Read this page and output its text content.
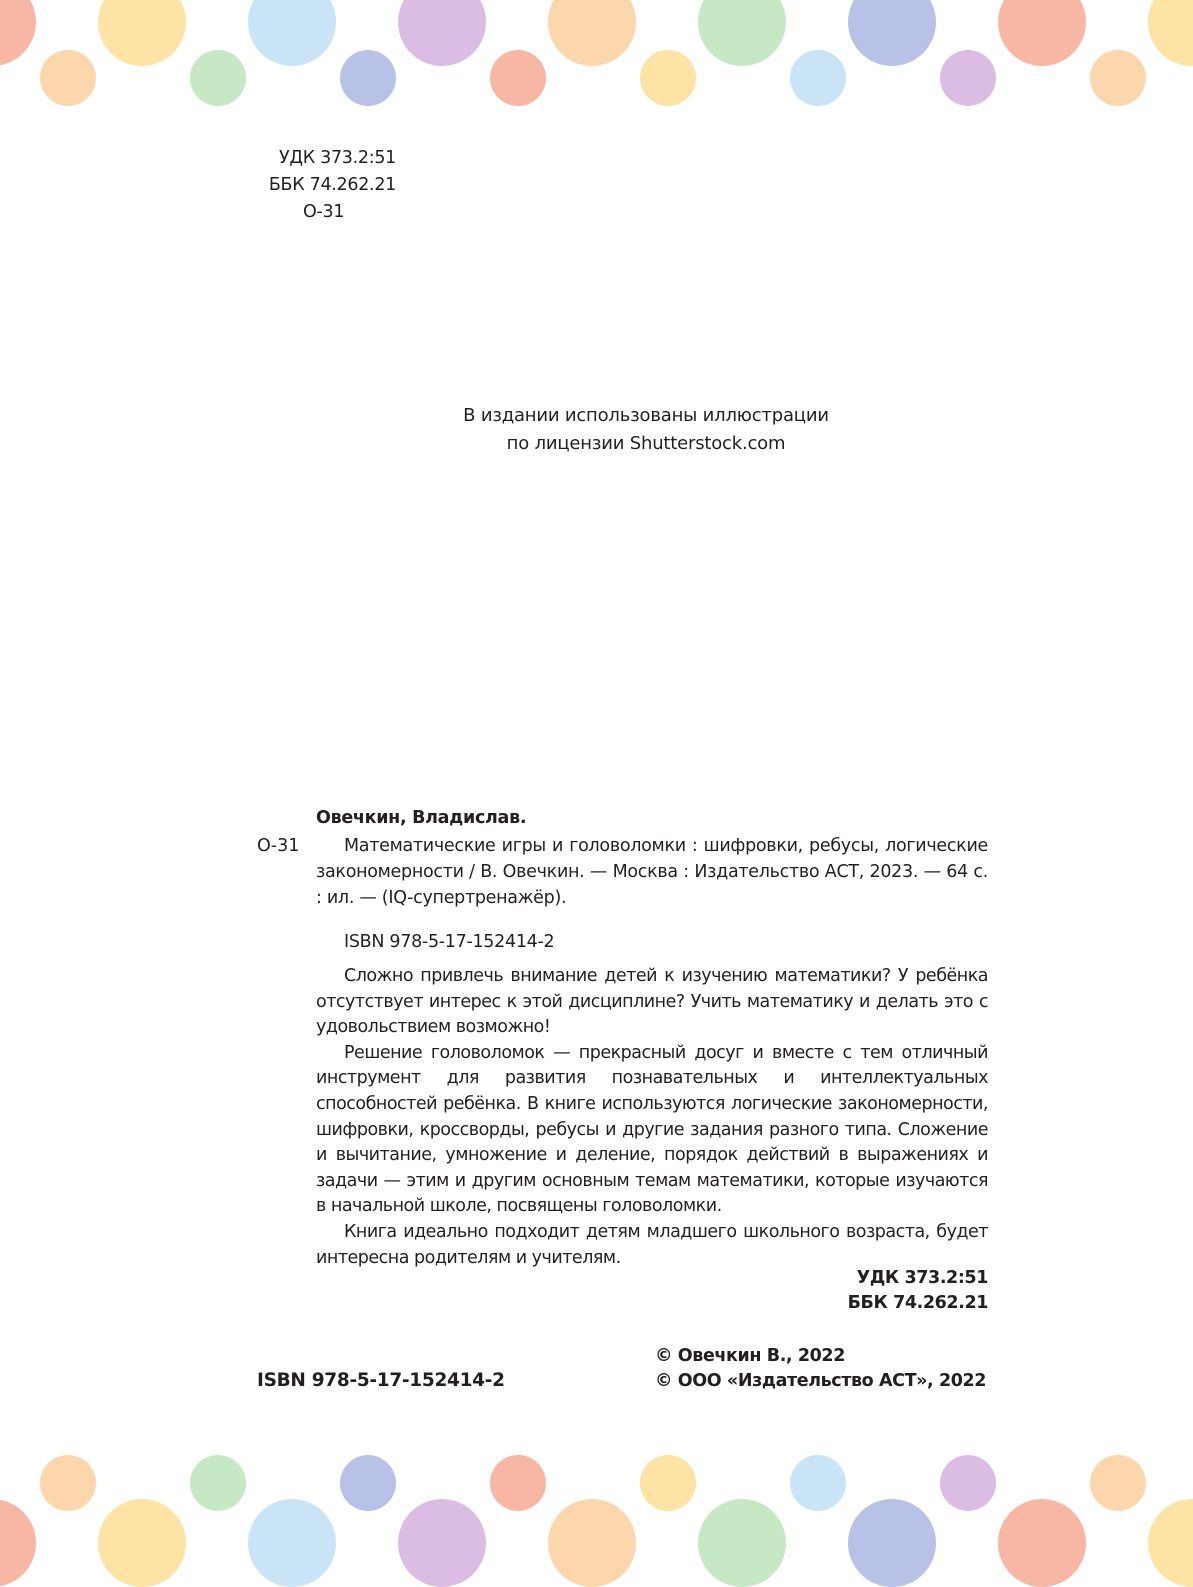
УДК 373.2:51
ББК 74.262.21
О-31
В издании использованы иллюстрации
по лицензии Shutterstock.com
Овечкин, Владислав.
О-31	Математические игры и головоломки : шифровки, ребусы, логические закономерности / В. Овечкин. — Москва : Издательство АСТ, 2023. — 64 с. : ил. — (IQ-супертренажёр).
ISBN 978-5-17-152414-2

Сложно привлечь внимание детей к изучению математики? У ребёнка отсутствует интерес к этой дисциплине? Учить математику и делать это с удовольствием возможно!

Решение головоломок — прекрасный досуг и вместе с тем отличный инструмент для развития познавательных и интеллектуальных способностей ребёнка. В книге используются логические закономерности, шифровки, кроссворды, ребусы и другие задания разного типа. Сложение и вычитание, умножение и деление, порядок действий в выражениях и задачи — этим и другим основным темам математики, которые изучаются в начальной школе, посвящены головоломки.

Книга идеально подходит детям младшего школьного возраста, будет интересна родителям и учителям.

УДК 373.2:51
ББК 74.262.21
ISBN 978-5-17-152414-2
© Овечкин В., 2022
© ООО «Издательство АСТ», 2022
